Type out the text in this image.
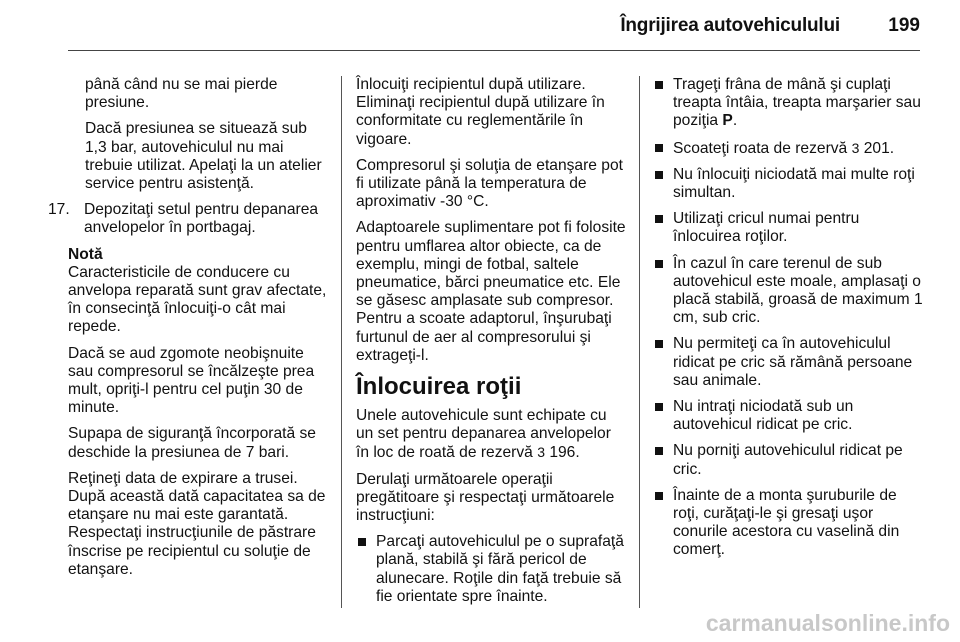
Îngrijirea autovehiculului	199

până când nu se mai pierde presiune.

Dacă presiunea se situează sub 1,3 bar, autovehiculul nu mai trebuie utilizat. Apelaţi la un atelier service pentru asistenţă.

17. Depozitaţi setul pentru depanarea anvelopelor în portbagaj.

Notă

Caracteristicile de conducere cu anvelopa reparată sunt grav afectate, în consecinţă înlocuiţi-o cât mai repede.

Dacă se aud zgomote neobişnuite sau compresorul se încălzeşte prea mult, opriţi-l pentru cel puţin 30 de minute.

Supapa de siguranţă încorporată se deschide la presiunea de 7 bari.

Reţineţi data de expirare a trusei. După această dată capacitatea sa de etanşare nu mai este garantată. Respectaţi instrucţiunile de păstrare înscrise pe recipientul cu soluţie de etanşare.

Înlocuiţi recipientul după utilizare. Eliminaţi recipientul după utilizare în conformitate cu reglementările în vigoare.

Compresorul şi soluţia de etanşare pot fi utilizate până la temperatura de aproximativ -30 °C.

Adaptoarele suplimentare pot fi folosite pentru umflarea altor obiecte, ca de exemplu, mingi de fotbal, saltele pneumatice, bărci pneumatice etc. Ele se găsesc amplasate sub compresor. Pentru a scoate adaptorul, înşurubaţi furtunul de aer al compresorului şi extrageţi-l.

Înlocuirea roţii

Unele autovehicule sunt echipate cu un set pentru depanarea anvelopelor în loc de roată de rezervă 3 196.

Derulaţi următoarele operaţii pregătitoare şi respectaţi următoarele instrucţiuni:

Parcaţi autovehiculul pe o suprafaţă plană, stabilă şi fără pericol de alunecare. Roţile din faţă trebuie să fie orientate spre înainte.
Trageţi frâna de mână şi cuplaţi treapta întâia, treapta marşarier sau poziţia P.
Scoateţi roata de rezervă 3 201.
Nu înlocuiţi niciodată mai multe roţi simultan.
Utilizaţi cricul numai pentru înlocuirea roţilor.
În cazul în care terenul de sub autovehicul este moale, amplasaţi o placă stabilă, groasă de maximum 1 cm, sub cric.
Nu permiteţi ca în autovehiculul ridicat pe cric să rămână persoane sau animale.
Nu intraţi niciodată sub un autovehicul ridicat pe cric.
Nu porniţi autovehiculul ridicat pe cric.
Înainte de a monta şuruburile de roţi, curăţaţi-le şi gresaţi uşor conurile acestora cu vaselină din comerţ.
carmanualsonline.info
